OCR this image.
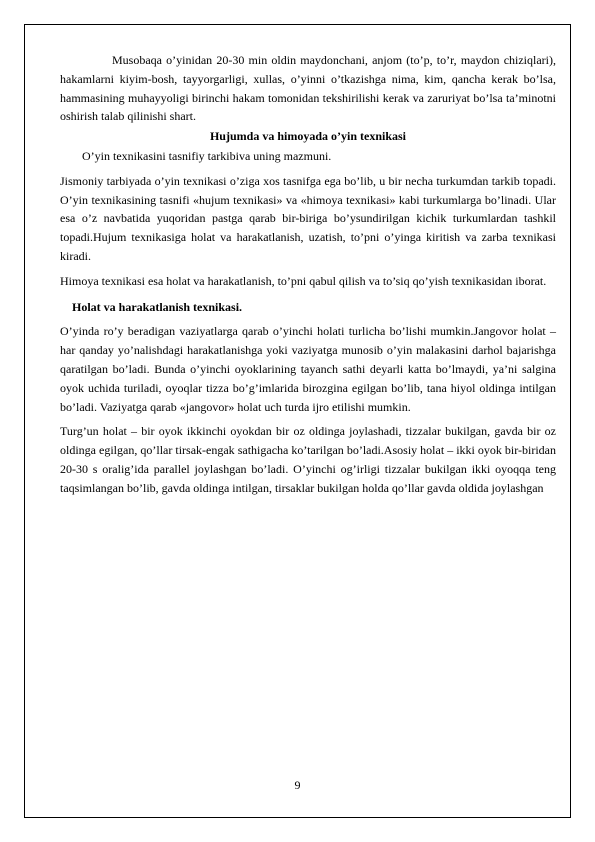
Musobaqa o’yinidan 20-30 min oldin maydonchani, anjom (to’p, to’r, maydon chiziqlari), hakamlarni kiyim-bosh, tayyorgarligi, xullas, o’yinni o’tkazishga nima, kim, qancha kerak bo’lsa, hammasining muhayyoligi birinchi hakam tomonidan tekshirilishi kerak va zaruriyat bo’lsa ta’minotni oshirish talab qilinishi shart.

Hujumda va himoyada o’yin texnikasi

O’yin texnikasini tasnifiy tarkibiva uning mazmuni.

Jismoniy tarbiyada o’yin texnikasi o’ziga xos tasnifga ega bo’lib, u bir necha turkumdan tarkib topadi. O’yin texnikasining tasnifi «hujum texnikasi» va «himoya texnikasi» kabi turkumlarga bo’linadi. Ular esa o’z navbatida yuqoridan pastga qarab bir-biriga bo’ysundirilgan kichik turkumlardan tashkil topadi.Hujum texnikasiga holat va harakatlanish, uzatish, to’pni o’yinga kiritish va zarba texnikasi kiradi.

Himoya texnikasi esa holat va harakatlanish, to’pni qabul qilish va to’siq qo’yish texnikasidan iborat.

Holat va harakatlanish texnikasi.

O’yinda ro’y beradigan vaziyatlarga qarab o’yinchi holati turlicha bo’lishi mumkin.Jangovor holat – har qanday yo’nalishdagi harakatlanishga yoki vaziyatga munosib o’yin malakasini darhol bajarishga qaratilgan bo’ladi. Bunda o’yinchi oyoklarining tayanch sathi deyarli katta bo’lmaydi, ya’ni salgina oyok uchida turiladi, oyoqlar tizza bo’g’imlarida birozgina egilgan bo’lib, tana hiyol oldinga intilgan bo’ladi. Vaziyatga qarab «jangovor» holat uch turda ijro etilishi mumkin.

Turg’un holat – bir oyok ikkinchi oyokdan bir oz oldinga joylashadi, tizzalar bukilgan, gavda bir oz oldinga egilgan, qo’llar tirsak-engak sathigacha ko’tarilgan bo’ladi.Asosiy holat – ikki oyok bir-biridan 20-30 s oralig’ida parallel joylashgan bo’ladi. O’yinchi og’irligi tizzalar bukilgan ikki oyoqqa teng taqsimlangan bo’lib, gavda oldinga intilgan, tirsaklar bukilgan holda qo’llar gavda oldida joylashgan

9
